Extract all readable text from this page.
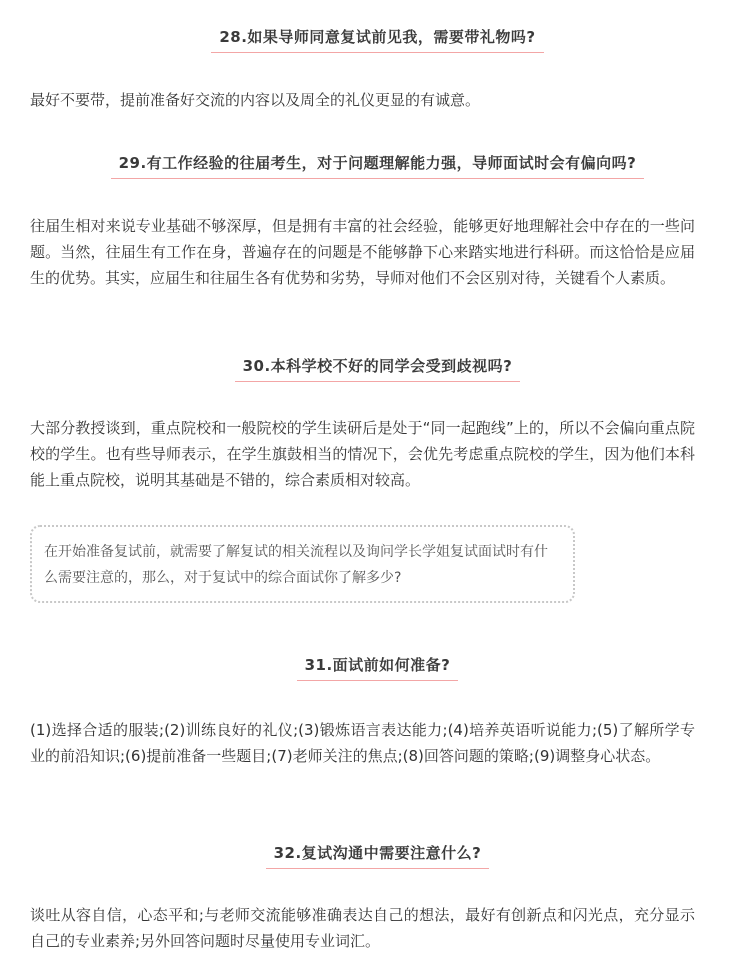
28.如果导师同意复试前见我，需要带礼物吗?

最好不要带，提前准备好交流的内容以及周全的礼仪更显的有诚意。

29.有工作经验的往届考生，对于问题理解能力强，导师面试时会有偏向吗?

往届生相对来说专业基础不够深厚，但是拥有丰富的社会经验，能够更好地理解社会中存在的一些问题。当然，往届生有工作在身，普遍存在的问题是不能够静下心来踏实地进行科研。而这恰恰是应届生的优势。其实，应届生和往届生各有优势和劣势，导师对他们不会区别对待，关键看个人素质。

30.本科学校不好的同学会受到歧视吗?

大部分教授谈到，重点院校和一般院校的学生读研后是处于“同一起跑线”上的，所以不会偏向重点院校的学生。也有些导师表示，在学生旗鼓相当的情况下，会优先考虑重点院校的学生，因为他们本科能上重点院校，说明其基础是不错的，综合素质相对较高。

在开始准备复试前，就需要了解复试的相关流程以及询问学长学姐复试面试时有什么需要注意的，那么，对于复试中的综合面试你了解多少?

31.面试前如何准备?

(1)选择合适的服装;(2)训练良好的礼仪;(3)锻炼语言表达能力;(4)培养英语听说能力;(5)了解所学专业的前沿知识;(6)提前准备一些题目;(7)老师关注的焦点;(8)回答问题的策略;(9)调整身心状态。

32.复试沟通中需要注意什么?

谈吐从容自信，心态平和;与老师交流能够准确表达自己的想法，最好有创新点和闪光点，充分显示自己的专业素养;另外回答问题时尽量使用专业词汇。
